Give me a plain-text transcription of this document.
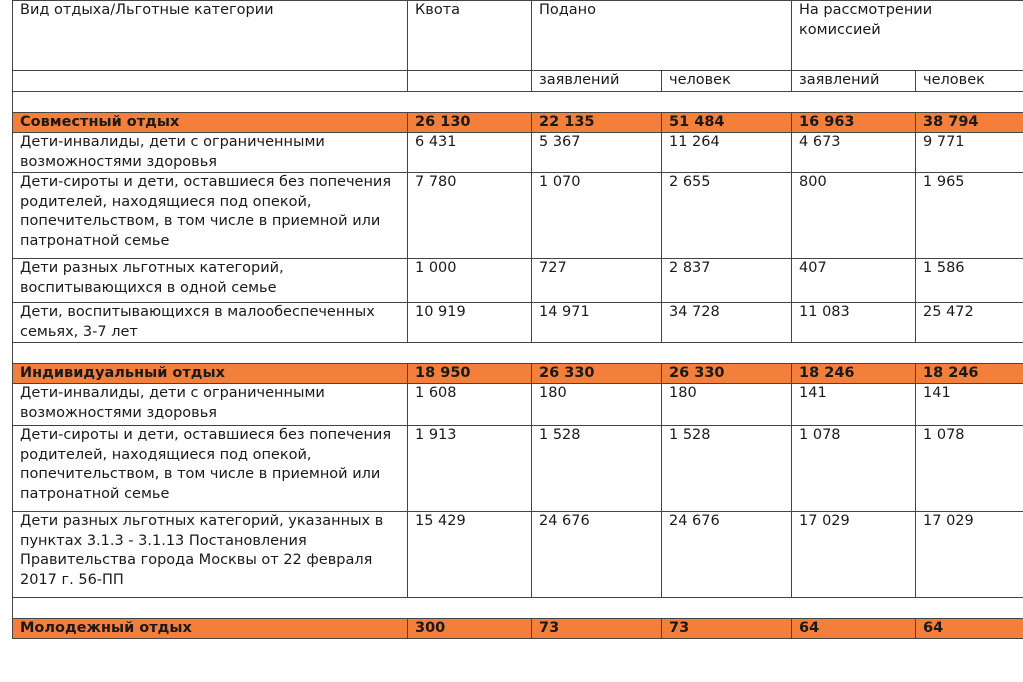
Вид отдыха/Льготные категории	Квота	Подано		На рассмотрении комиссией	
		заявлений	человек	заявлений	человек

Совместный отдых	26 130	22 135	51 484	16 963	38 794
Дети-инвалиды, дети с ограниченными возможностями здоровья	6 431	5 367	11 264	4 673	9 771
Дети-сироты и дети, оставшиеся без попечения родителей, находящиеся под опекой, попечительством, в том числе в приемной или патронатной семье	7 780	1 070	2 655	800	1 965
Дети разных льготных категорий, воспитывающихся в одной семье	1 000	727	2 837	407	1 586
Дети, воспитывающихся в малообеспеченных семьях, 3-7 лет	10 919	14 971	34 728	11 083	25 472

Индивидуальный отдых	18 950	26 330	26 330	18 246	18 246
Дети-инвалиды, дети с ограниченными возможностями здоровья	1 608	180	180	141	141
Дети-сироты и дети, оставшиеся без попечения родителей, находящиеся под опекой, попечительством, в том числе в приемной или патронатной семье	1 913	1 528	1 528	1 078	1 078
Дети разных льготных категорий, указанных в пунктах 3.1.3 - 3.1.13 Постановления Правительства города Москвы от 22 февраля 2017 г. 56-ПП	15 429	24 676	24 676	17 029	17 029

Молодежный отдых	300	73	73	64	64
